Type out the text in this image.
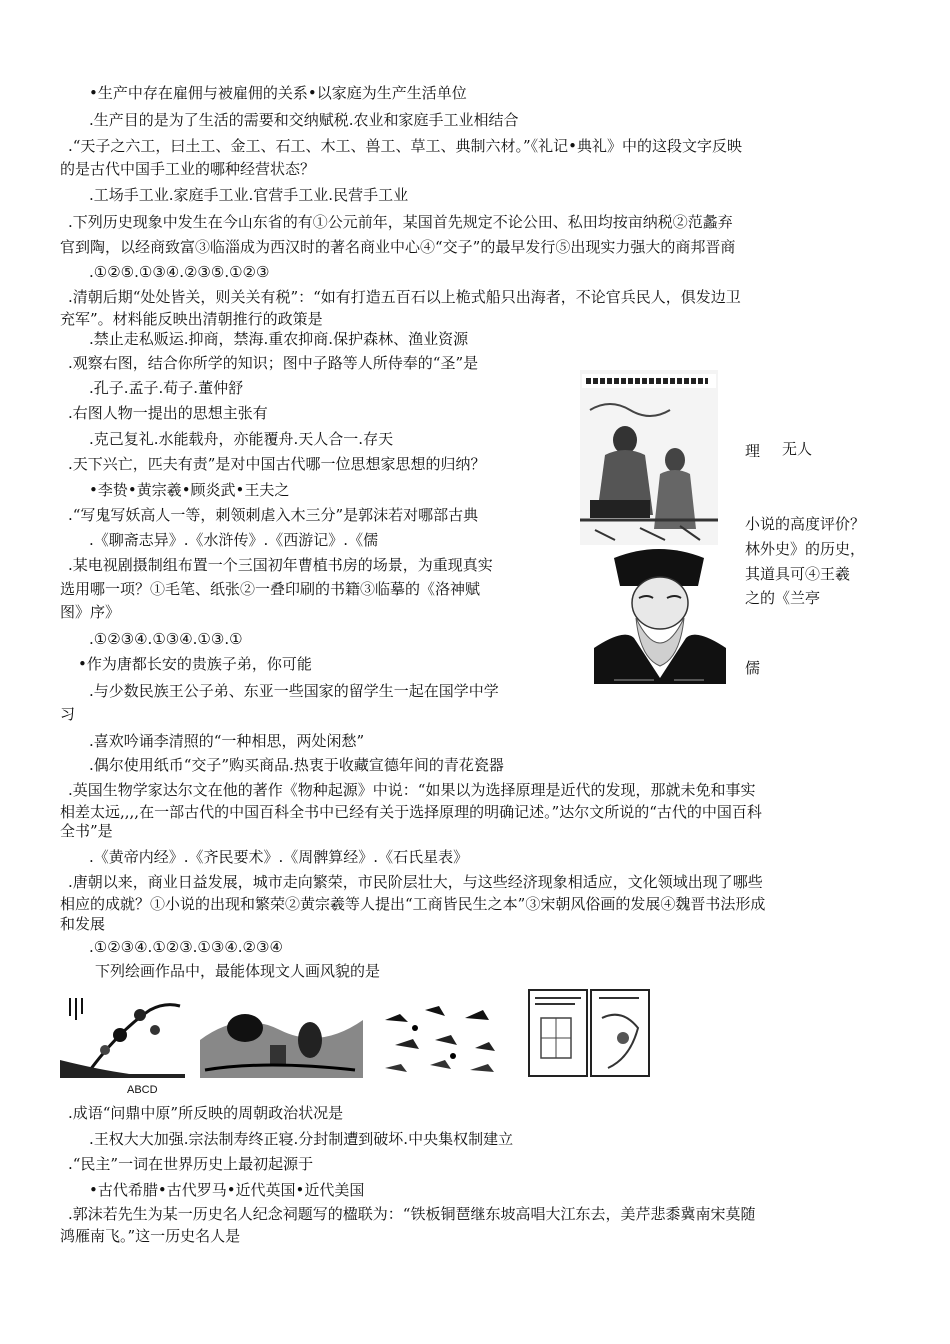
•生产中存在雇佣与被雇佣的关系•以家庭为生产生活单位
.生产目的是为了生活的需要和交纳赋税.农业和家庭手工业相结合
.“天子之六工，曰土工、金工、石工、木工、兽工、草工、典制六材。”《礼记•典礼》中的这段文字反映
的是古代中国手工业的哪种经营状态？
.工场手工业.家庭手工业.官营手工业.民营手工业
.下列历史现象中发生在今山东省的有①公元前年，某国首先规定不论公田、私田均按亩纳税②范蠡弃
官到陶，以经商致富③临淄成为西汉时的著名商业中心④“交子”的最早发行⑤出现实力强大的商邦晋商
.①②⑤.①③④.②③⑤.①②③
.清朝后期“处处皆关，则关关有税”：“如有打造五百石以上桅式船只出海者，不论官兵民人，俱发边卫
充军”。材料能反映出清朝推行的政策是
.禁止走私贩运.抑商，禁海.重农抑商.保护森林、渔业资源
.观察右图，结合你所学的知识；图中子路等人所侍奉的“圣”是
.孔子.孟子.荀子.董仲舒
.右图人物一提出的思想主张有
.克己复礼.水能载舟，亦能覆舟.天人合一.存天
.天下兴亡，匹夫有责”是对中国古代哪一位思想家思想的归纳？
•李贽•黄宗羲•顾炎武•王夫之
.“写鬼写妖高人一等，刺领刺虐入木三分”是郭沫若对哪部古典
.《聊斋志异》.《水浒传》.《西游记》.《儒
.某电视剧摄制组布置一个三国初年曹植书房的场景，为重现真实
选用哪一项？①毛笔、纸张②一叠印刷的书籍③临摹的《洛神赋
图》序》
.①②③④.①③④.①③.①
•作为唐都长安的贵族子弟，你可能
.与少数民族王公子弟、东亚一些国家的留学生一起在国学中学
习
.喜欢吟诵李清照的“一种相思，两处闲愁”
.偶尔使用纸币“交子”购买商品.热衷于收藏宣德年间的青花瓷器
.英国生物学家达尔文在他的著作《物种起源》中说：“如果以为选择原理是近代的发现，那就未免和事实
相差太远,,,,在一部古代的中国百科全书中已经有关于选择原理的明确记述。”达尔文所说的“古代的中国百科
全书”是
.《黄帝内经》.《齐民要术》.《周髀算经》.《石氏星表》
.唐朝以来，商业日益发展，城市走向繁荣，市民阶层壮大，与这些经济现象相适应，文化领域出现了哪些
相应的成就？①小说的出现和繁荣②黄宗羲等人提出“工商皆民生之本”③宋朝风俗画的发展④魏晋书法形成
和发展
.①②③④.①②③.①③④.②③④
下列绘画作品中，最能体现文人画风貌的是
.成语“问鼎中原”所反映的周朝政治状况是
.王权大大加强.宗法制寿终正寝.分封制遭到破坏.中央集权制建立
.“民主”一词在世界历史上最初起源于
•古代希腊•古代罗马•近代英国•近代美国
.郭沫若先生为某一历史名人纪念祠题写的楹联为：“铁板铜琶继东坡高唱大江东去，美芹悲黍冀南宋莫随
鸿雁南飞。”这一历史名人是
理 无人
小说的高度评价？
林外史》的历史，
其道具可④王羲
之的《兰亭
儒
ABCD
